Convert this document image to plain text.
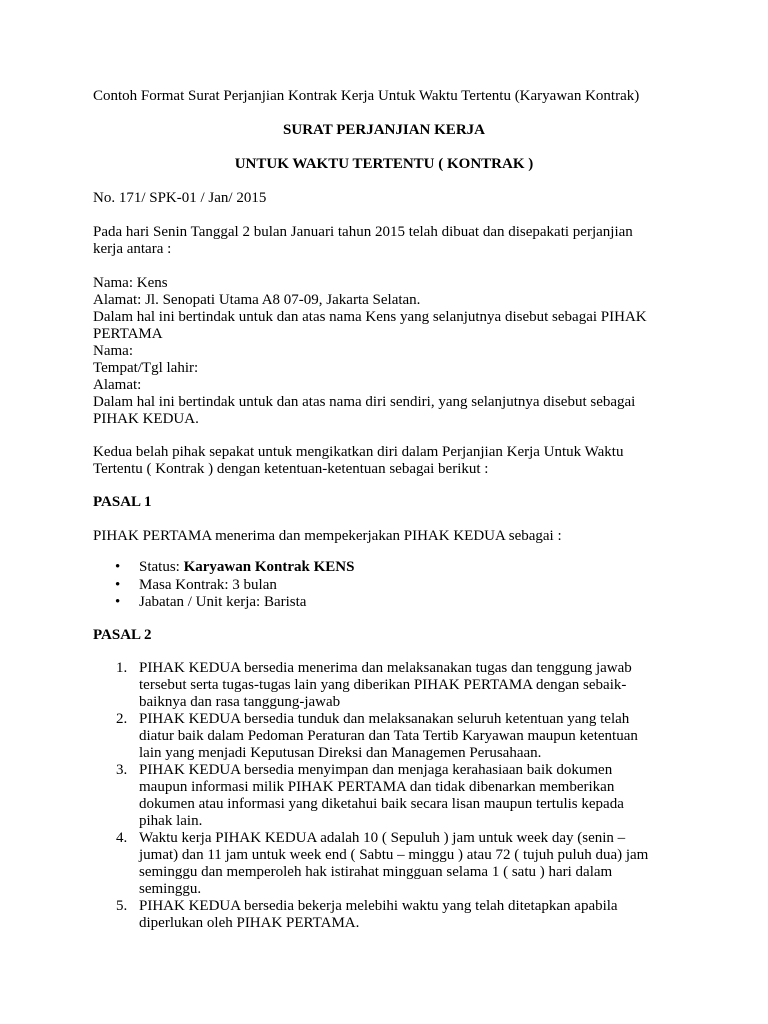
Contoh Format Surat Perjanjian Kontrak Kerja Untuk Waktu Tertentu (Karyawan Kontrak)

SURAT PERJANJIAN KERJA

UNTUK WAKTU TERTENTU ( KONTRAK )

No. 171/ SPK-01 / Jan/ 2015

Pada hari Senin Tanggal 2 bulan Januari tahun 2015 telah dibuat dan disepakati perjanjian

kerja antara :

Nama: Kens

Alamat: Jl. Senopati Utama A8 07-09, Jakarta Selatan.

Dalam hal ini bertindak untuk dan atas nama Kens yang selanjutnya disebut sebagai PIHAK

PERTAMA

Nama:

Tempat/Tgl lahir:

Alamat:

Dalam hal ini bertindak untuk dan atas nama diri sendiri, yang selanjutnya disebut sebagai

PIHAK KEDUA.

Kedua belah pihak sepakat untuk mengikatkan diri dalam Perjanjian Kerja Untuk Waktu

Tertentu ( Kontrak ) dengan ketentuan-ketentuan sebagai berikut :

PASAL 1

PIHAK PERTAMA menerima dan mempekerjakan PIHAK KEDUA sebagai :

• Status: Karyawan Kontrak KENS
• Masa Kontrak: 3 bulan
• Jabatan / Unit kerja: Barista

PASAL 2

1. PIHAK KEDUA bersedia menerima dan melaksanakan tugas dan tenggung jawab
tersebut serta tugas-tugas lain yang diberikan PIHAK PERTAMA dengan sebaik-
baiknya dan rasa tanggung-jawab
2. PIHAK KEDUA bersedia tunduk dan melaksanakan seluruh ketentuan yang telah
diatur baik dalam Pedoman Peraturan dan Tata Tertib Karyawan maupun ketentuan
lain yang menjadi Keputusan Direksi dan Managemen Perusahaan.
3. PIHAK KEDUA bersedia menyimpan dan menjaga kerahasiaan baik dokumen
maupun informasi milik PIHAK PERTAMA dan tidak dibenarkan memberikan
dokumen atau informasi yang diketahui baik secara lisan maupun tertulis kepada
pihak lain.
4. Waktu kerja PIHAK KEDUA adalah 10 ( Sepuluh ) jam untuk week day (senin –
jumat) dan 11 jam untuk week end ( Sabtu – minggu ) atau 72 ( tujuh puluh dua) jam
seminggu dan memperoleh hak istirahat mingguan selama 1 ( satu ) hari dalam
seminggu.
5. PIHAK KEDUA bersedia bekerja melebihi waktu yang telah ditetapkan apabila
diperlukan oleh PIHAK PERTAMA.
